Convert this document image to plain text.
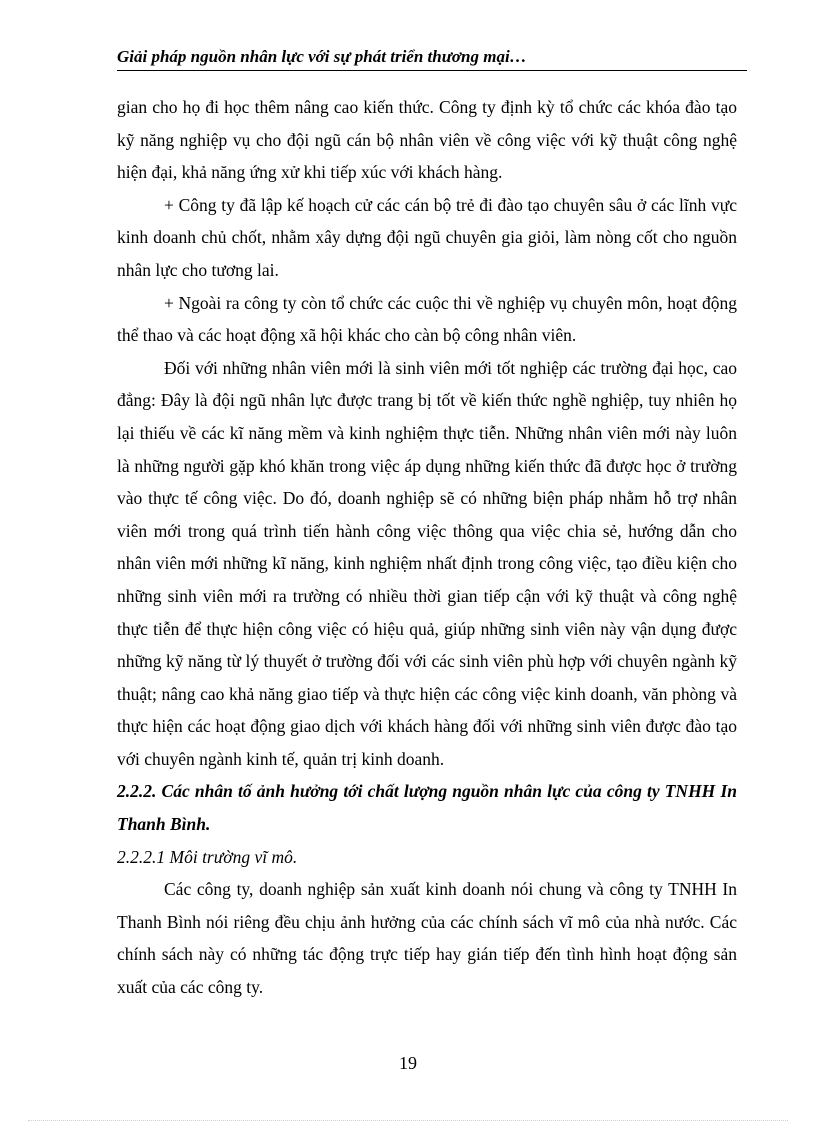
Giải pháp nguồn nhân lực với sự phát triển thương mại…

gian cho họ đi học thêm nâng cao kiến thức. Công ty định kỳ tổ chức các khóa đào tạo kỹ năng nghiệp vụ cho đội ngũ cán bộ nhân viên về công việc với kỹ thuật công nghệ hiện đại, khả năng ứng xử khi tiếp xúc với khách hàng.

+ Công ty đã lập kế hoạch cử các cán bộ trẻ đi đào tạo chuyên sâu ở các lĩnh vực kinh doanh chủ chốt, nhằm xây dựng đội ngũ chuyên gia giỏi, làm nòng cốt cho nguồn nhân lực cho tương lai.

+ Ngoài ra công ty còn tổ chức các cuộc thi về nghiệp vụ chuyên môn, hoạt động thể thao và các hoạt động xã hội khác cho càn bộ công nhân viên.

Đối với những nhân viên mới là sinh viên mới tốt nghiệp các trường đại học, cao đẳng: Đây là đội ngũ nhân lực được trang bị tốt về kiến thức nghề nghiệp, tuy nhiên họ lại thiếu về các kĩ năng mềm và kinh nghiệm thực tiễn. Những nhân viên mới này luôn là những người gặp khó khăn trong việc áp dụng những kiến thức đã được học ở trường vào thực tế công việc. Do đó, doanh nghiệp sẽ có những biện pháp nhằm hỗ trợ nhân viên mới trong quá trình tiến hành công việc thông qua việc chia sẻ, hướng dẫn cho nhân viên mới những kĩ năng, kinh nghiệm nhất định trong công việc, tạo điều kiện cho những sinh viên mới ra trường có nhiều thời gian tiếp cận với kỹ thuật và công nghệ thực tiễn để thực hiện công việc có hiệu quả, giúp những sinh viên này vận dụng được những kỹ năng từ lý thuyết ở trường đối với các sinh viên phù hợp với chuyên ngành kỹ thuật; nâng cao khả năng giao tiếp và thực hiện các công việc kinh doanh, văn phòng và thực hiện các hoạt động giao dịch với khách hàng đối với những sinh viên được đào tạo với chuyên ngành kinh tế, quản trị kinh doanh.

2.2.2. Các nhân tố ảnh hưởng tới chất lượng nguồn nhân lực của công ty TNHH In Thanh Bình.

2.2.2.1 Môi trường vĩ mô.

Các công ty, doanh nghiệp sản xuất kinh doanh nói chung và công ty TNHH In Thanh Bình nói riêng đều chịu ảnh hưởng của các chính sách vĩ mô của nhà nước. Các chính sách này có những tác động trực tiếp hay gián tiếp đến tình hình hoạt động sản xuất của các công ty.

19
